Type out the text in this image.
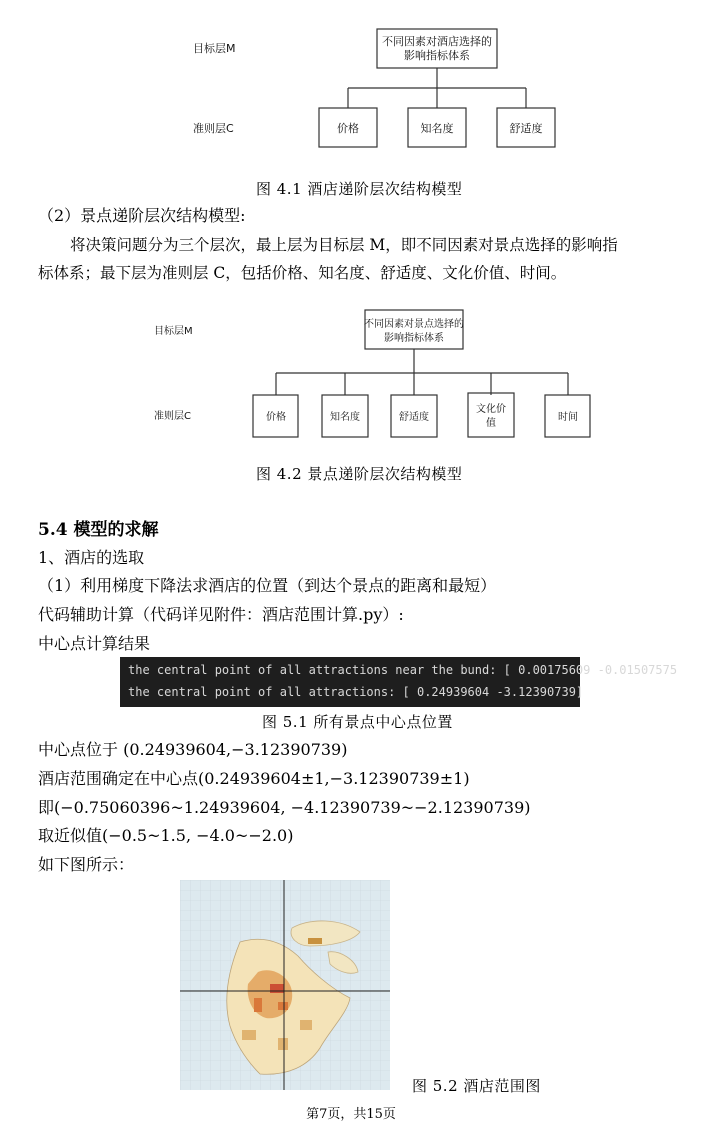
目标层M
准则层C
不同因素对酒店选择的
影响指标体系
价格	知名度	舒适度
图 4.1 酒店递阶层次结构模型
（2）景点递阶层次结构模型:
将决策问题分为三个层次，最上层为目标层 M，即不同因素对景点选择的影响指
标体系；最下层为准则层 C，包括价格、知名度、舒适度、文化价值、时间。
目标层M
准则层C
不同因素对景点选择的
影响指标体系
价格	知名度	舒适度
文化价
值
时间
图 4.2 景点递阶层次结构模型
5.4 模型的求解
1、酒店的选取
（1）利用梯度下降法求酒店的位置（到达个景点的距离和最短）
代码辅助计算（代码详见附件：酒店范围计算.py）:
中心点计算结果
the central point of all attractions near the bund: [ 0.00175609 -0.01507575
the central point of all attractions: [ 0.24939604 -3.12390739]
图 5.1 所有景点中心点位置
中心点位于 (0.24939604,−3.12390739)
酒店范围确定在中心点(0.24939604±1,−3.12390739±1)
即(−0.75060396~1.24939604, −4.12390739~−2.12390739)
取近似值(−0.5~1.5, −4.0~−2.0)
如下图所示：
图 5.2 酒店范围图
第7页，共15页
